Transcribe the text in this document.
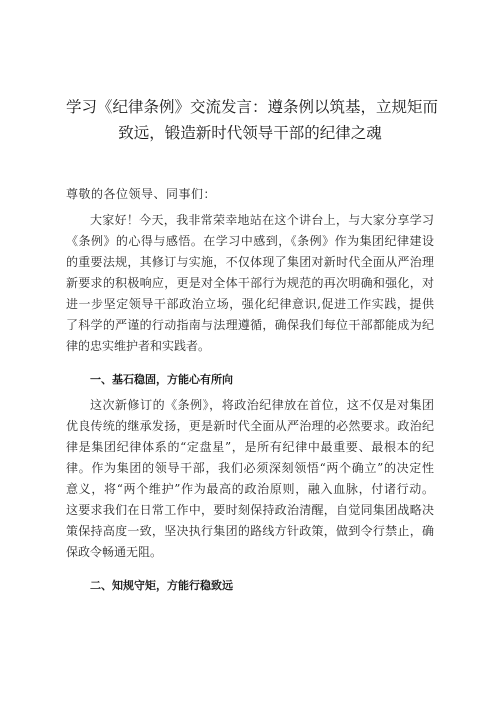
学习《纪律条例》交流发言：遵条例以筑基，立规矩而
致远，锻造新时代领导干部的纪律之魂

尊敬的各位领导、同事们：

大家好！今天，我非常荣幸地站在这个讲台上，与大家分享学习
《条例》的心得与感悟。在学习中感到，《条例》作为集团纪律建设
的重要法规，其修订与实施，不仅体现了集团对新时代全面从严治理
新要求的积极响应，更是对全体干部行为规范的再次明确和强化，对
进一步坚定领导干部政治立场，强化纪律意识,促进工作实践，提供
了科学的严谨的行动指南与法理遵循，确保我们每位干部都能成为纪
律的忠实维护者和实践者。
一、基石稳固，方能心有所向
这次新修订的《条例》，将政治纪律放在首位，这不仅是对集团
优良传统的继承发扬，更是新时代全面从严治理的必然要求。政治纪
律是集团纪律体系的“定盘星”，是所有纪律中最重要、最根本的纪
律。作为集团的领导干部，我们必须深刻领悟“两个确立”的决定性
意义，将“两个维护”作为最高的政治原则，融入血脉，付诸行动。
这要求我们在日常工作中，要时刻保持政治清醒，自觉同集团战略决
策保持高度一致，坚决执行集团的路线方针政策，做到令行禁止，确
保政令畅通无阻。
二、知规守矩，方能行稳致远
